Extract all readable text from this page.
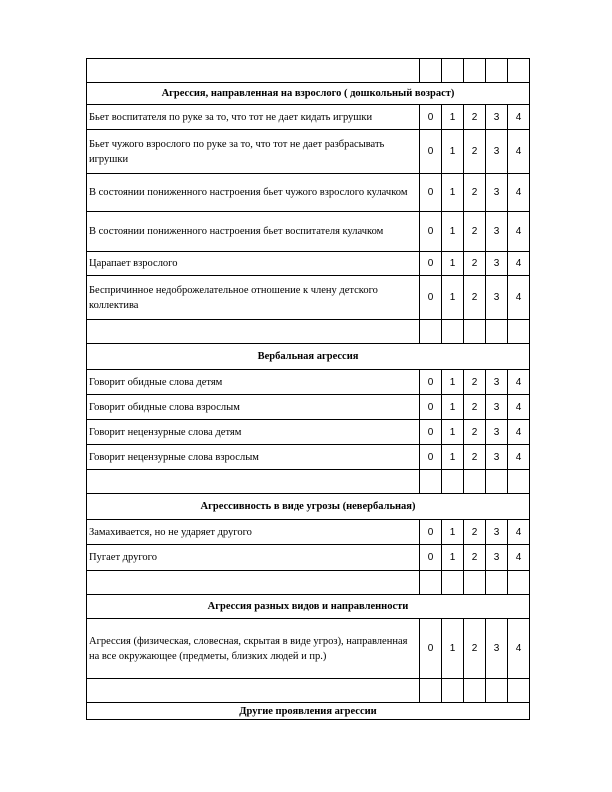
Агрессия, направленная на взрослого ( дошкольный возраст)					
Бьет воспитателя по руке за то, что тот не дает кидать игрушки	0	1	2	3	4
Бьет чужого взрослого по руке за то, что тот не дает разбрасывать игрушки	0	1	2	3	4
В состоянии пониженного настроения бьет чужого взрослого кулачком	0	1	2	3	4
В состоянии пониженного настроения бьет воспитателя кулачком	0	1	2	3	4
Царапает взрослого	0	1	2	3	4
Беспричинное недоброжелательное отношение к члену детского коллектива	0	1	2	3	4

Вербальная агрессия					
Говорит обидные слова детям	0	1	2	3	4
Говорит обидные слова взрослым	0	1	2	3	4
Говорит нецензурные слова детям	0	1	2	3	4
Говорит нецензурные слова взрослым	0	1	2	3	4

Агрессивность в виде угрозы (невербальная)					
Замахивается, но не ударяет другого	0	1	2	3	4
Пугает другого	0	1	2	3	4

Агрессия разных видов и направленности					
Агрессия (физическая, словесная, скрытая в виде угроз), направленная на все окружающее (предметы, близких людей и пр.)	0	1	2	3	4

Другие проявления агрессии					
